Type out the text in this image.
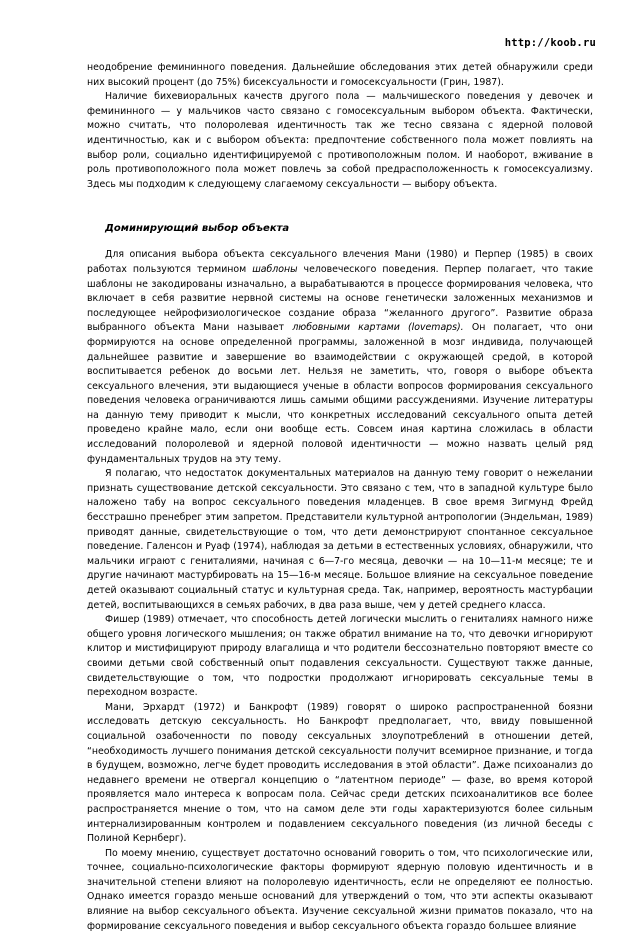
http://koob.ru

неодобрение фемининного поведения. Дальнейшие обследования этих детей обнаружили среди них высокий процент (до 75%) бисексуальности и гомосексуальности (Грин, 1987).

Наличие бихевиоральных качеств другого пола — мальчишеского поведения у девочек и фемининного — у мальчиков часто связано с гомосексуальным выбором объекта. Фактически, можно считать, что полоролевая идентичность так же тесно связана с ядерной половой идентичностью, как и с выбором объекта: предпочтение собственного пола может повлиять на выбор роли, социально идентифицируемой с противоположным полом. И наоборот, вживание в роль противоположного пола может повлечь за собой предрасположенность к гомосексуализму. Здесь мы подходим к следующему слагаемому сексуальности — выбору объекта.

Доминирующий выбор объекта

Для описания выбора объекта сексуального влечения Мани (1980) и Перпер (1985) в своих работах пользуются термином шаблоны человеческого поведения. Перпер полагает, что такие шаблоны не закодированы изначально, а вырабатываются в процессе формирования человека, что включает в себя развитие нервной системы на основе генетически заложенных механизмов и последующее нейрофизиологическое создание образа “желанного другого”. Развитие образа выбранного объекта Мани называет любовными картами (lovemaps). Он полагает, что они формируются на основе определенной программы, заложенной в мозг индивида, получающей дальнейшее развитие и завершение во взаимодействии с окружающей средой, в которой воспитывается ребенок до восьми лет. Нельзя не заметить, что, говоря о выборе объекта сексуального влечения, эти выдающиеся ученые в области вопросов формирования сексуального поведения человека ограничиваются лишь самыми общими рассуждениями. Изучение литературы на данную тему приводит к мысли, что конкретных исследований сексуального опыта детей проведено крайне мало, если они вообще есть. Совсем иная картина сложилась в области исследований полоролевой и ядерной половой идентичности — можно назвать целый ряд фундаментальных трудов на эту тему.

Я полагаю, что недостаток документальных материалов на данную тему говорит о нежелании признать существование детской сексуальности. Это связано с тем, что в западной культуре было наложено табу на вопрос сексуального поведения младенцев. В свое время Зигмунд Фрейд бесстрашно пренебрег этим запретом. Представители культурной антропологии (Эндельман, 1989) приводят данные, свидетельствующие о том, что дети демонстрируют спонтанное сексуальное поведение. Галенсон и Руаф (1974), наблюдая за детьми в естественных условиях, обнаружили, что мальчики играют с гениталиями, начиная с 6—7-го месяца, девочки — на 10—11-м месяце; те и другие начинают мастурбировать на 15—16-м месяце. Большое влияние на сексуальное поведение детей оказывают социальный статус и культурная среда. Так, например, вероятность мастурбации детей, воспитывающихся в семьях рабочих, в два раза выше, чем у детей среднего класса.

Фишер (1989) отмечает, что способность детей логически мыслить о гениталиях намного ниже общего уровня логического мышления; он также обратил внимание на то, что девочки игнорируют клитор и мистифицируют природу влагалища и что родители бессознательно повторяют вместе со своими детьми свой собственный опыт подавления сексуальности. Существуют также данные, свидетельствующие о том, что подростки продолжают игнорировать сексуальные темы в переходном возрасте.

Мани, Эрхардт (1972) и Банкрофт (1989) говорят о широко распространенной боязни исследовать детскую сексуальность. Но Банкрофт предполагает, что, ввиду повышенной социальной озабоченности по поводу сексуальных злоупотреблений в отношении детей, “необходимость лучшего понимания детской сексуальности получит всемирное признание, и тогда в будущем, возможно, легче будет проводить исследования в этой области”. Даже психоанализ до недавнего времени не отвергал концепцию о “латентном периоде” — фазе, во время которой проявляется мало интереса к вопросам пола. Сейчас среди детских психоаналитиков все более распространяется мнение о том, что на самом деле эти годы характеризуются более сильным интернализированным контролем и подавлением сексуального поведения (из личной беседы с Полиной Кернберг).

По моему мнению, существует достаточно оснований говорить о том, что психологические или, точнее, социально-психологические факторы формируют ядерную половую идентичность и в значительной степени влияют на полоролевую идентичность, если не определяют ее полностью. Однако имеется гораздо меньше оснований для утверждений о том, что эти аспекты оказывают влияние на выбор сексуального объекта. Изучение сексуальной жизни приматов показало, что на формирование сексуального поведения и выбор сексуального объекта гораздо большее влияние
